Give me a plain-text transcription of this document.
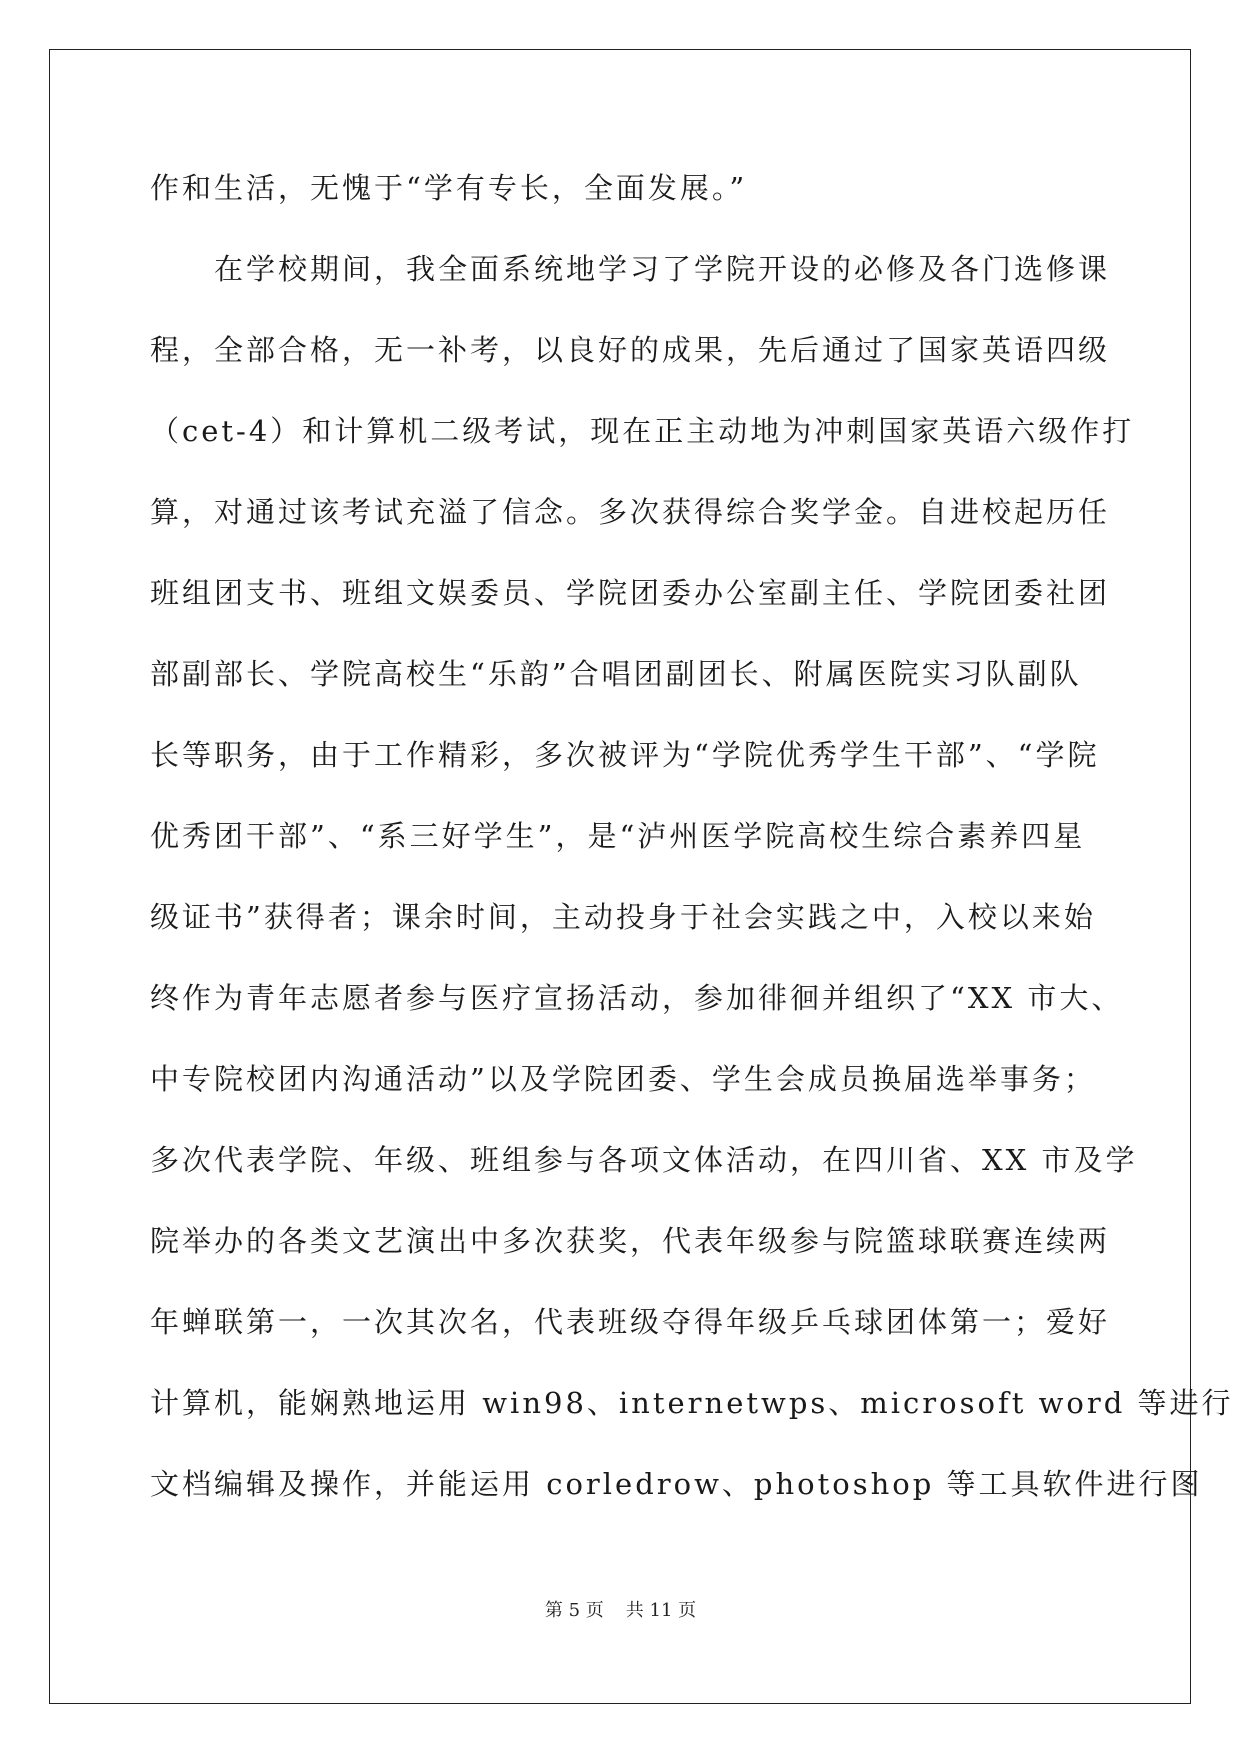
作和生活，无愧于“学有专长，全面发展。”
　　在学校期间，我全面系统地学习了学院开设的必修及各门选修课
程，全部合格，无一补考，以良好的成果，先后通过了国家英语四级
（cet-4）和计算机二级考试，现在正主动地为冲刺国家英语六级作打
算，对通过该考试充溢了信念。多次获得综合奖学金。自进校起历任
班组团支书、班组文娱委员、学院团委办公室副主任、学院团委社团
部副部长、学院高校生“乐韵”合唱团副团长、附属医院实习队副队
长等职务，由于工作精彩，多次被评为“学院优秀学生干部”、“学院
优秀团干部”、“系三好学生”，是“泸州医学院高校生综合素养四星
级证书”获得者；课余时间，主动投身于社会实践之中，入校以来始
终作为青年志愿者参与医疗宣扬活动，参加徘徊并组织了“XX 市大、
中专院校团内沟通活动”以及学院团委、学生会成员换届选举事务；
多次代表学院、年级、班组参与各项文体活动，在四川省、XX 市及学
院举办的各类文艺演出中多次获奖，代表年级参与院篮球联赛连续两
年蝉联第一，一次其次名，代表班级夺得年级乒乓球团体第一；爱好
计算机，能娴熟地运用 win98、internetwps、microsoft word 等进行
文档编辑及操作，并能运用 corledrow、photoshop 等工具软件进行图
第 5 页 共 11 页
